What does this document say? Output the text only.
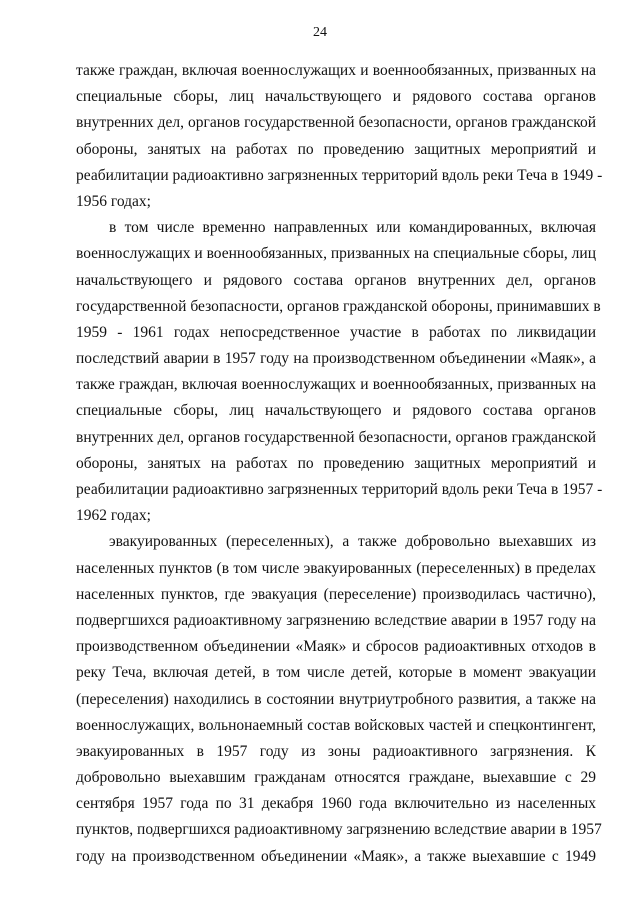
24
также граждан, включая военнослужащих и военнообязанных, призванных на
специальные сборы, лиц начальствующего и рядового состава органов
внутренних дел, органов государственной безопасности, органов гражданской
обороны, занятых на работах по проведению защитных мероприятий и
реабилитации радиоактивно загрязненных территорий вдоль реки Теча в 1949 -
1956 годах;
в том числе временно направленных или командированных, включая
военнослужащих и военнообязанных, призванных на специальные сборы, лиц
начальствующего и рядового состава органов внутренних дел, органов
государственной безопасности, органов гражданской обороны, принимавших в
1959 - 1961 годах непосредственное участие в работах по ликвидации
последствий аварии в 1957 году на производственном объединении «Маяк», а
также граждан, включая военнослужащих и военнообязанных, призванных на
специальные сборы, лиц начальствующего и рядового состава органов
внутренних дел, органов государственной безопасности, органов гражданской
обороны, занятых на работах по проведению защитных мероприятий и
реабилитации радиоактивно загрязненных территорий вдоль реки Теча в 1957 -
1962 годах;
эвакуированных (переселенных), а также добровольно выехавших из
населенных пунктов (в том числе эвакуированных (переселенных) в пределах
населенных пунктов, где эвакуация (переселение) производилась частично),
подвергшихся радиоактивному загрязнению вследствие аварии в 1957 году на
производственном объединении «Маяк» и сбросов радиоактивных отходов в
реку Теча, включая детей, в том числе детей, которые в момент эвакуации
(переселения) находились в состоянии внутриутробного развития, а также на
военнослужащих, вольнонаемный состав войсковых частей и спецконтингент,
эвакуированных в 1957 году из зоны радиоактивного загрязнения. К
добровольно выехавшим гражданам относятся граждане, выехавшие с 29
сентября 1957 года по 31 декабря 1960 года включительно из населенных
пунктов, подвергшихся радиоактивному загрязнению вследствие аварии в 1957
году на производственном объединении «Маяк», а также выехавшие с 1949
